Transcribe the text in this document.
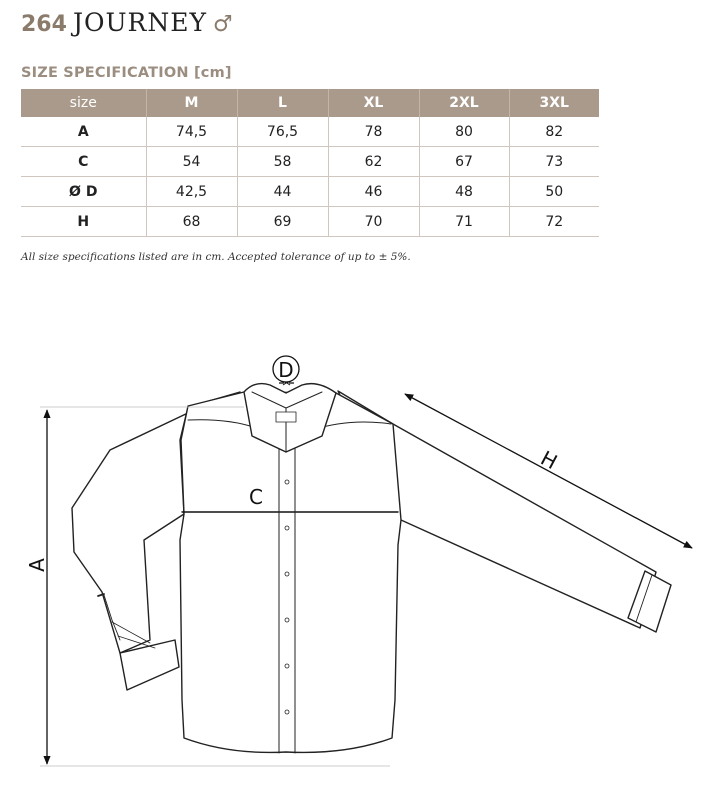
264 JOURNEY ♂
SIZE SPECIFICATION [cm]
size	M	L	XL	2XL	3XL
A	74,5	76,5	78	80	82
C	54	58	62	67	73
Ø D	42,5	44	46	48	50
H	68	69	70	71	72
All size specifications listed are in cm. Accepted tolerance of up to ± 5%.
A
C
D
H
